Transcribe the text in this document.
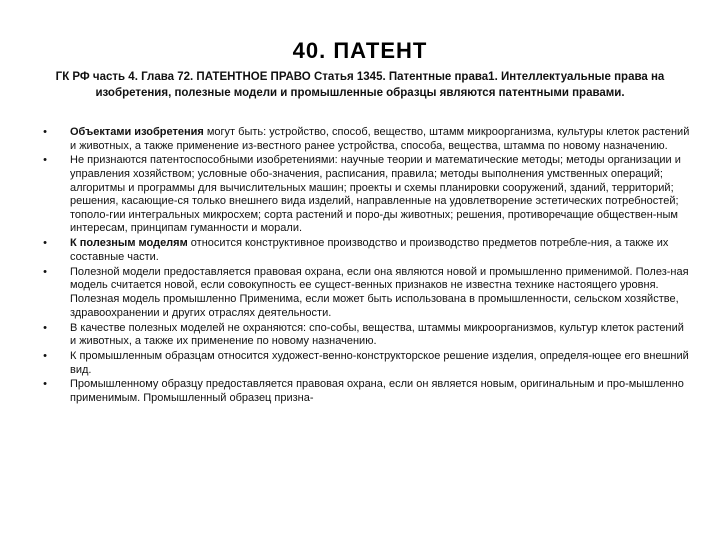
40. ПАТЕНТ
ГК РФ часть 4. Глава 72. ПАТЕНТНОЕ ПРАВО Статья 1345. Патентные права1. Интеллектуальные права на изобретения, полезные модели и промышленные образцы являются патентными правами.
• Объектами изобретения могут быть: устройство, способ, вещество, штамм микроорганизма, культуры клеток растений и животных, а также применение из-вестного ранее устройства, способа, вещества, штамма по новому назначению.
• Не признаются патентоспособными изобретениями: научные теории и математические методы; методы организации и управления хозяйством; условные обо-значения, расписания, правила; методы выполнения умственных операций; алгоритмы и программы для вычислительных машин; проекты и схемы планировки сооружений, зданий, территорий; решения, касающие-ся только внешнего вида изделий, направленные на удовлетворение эстетических потребностей; тополо-гии интегральных микросхем; сорта растений и поро-ды животных; решения, противоречащие обществен-ным интересам, принципам гуманности и морали.
• К полезным моделям относится конструктивное производство и производство предметов потребле-ния, а также их составные части.
• Полезной модели предоставляется правовая охрана, если она являются новой и промышленно применимой. Полез-ная модель считается новой, если совокупность ее сущест-венных признаков не известна технике настоящего уровня. Полезная модель промышленно Применима, если может быть использована в промышленности, сельском хозяйстве, здравоохранении и других отраслях деятельности.
• В качестве полезных моделей не охраняются: спо-собы, вещества, штаммы микроорганизмов, культур клеток растений и животных, а также их применение по новому назначению.
• К промышленным образцам относится художест-венно-конструкторское решение изделия, определя-ющее его внешний вид.
• Промышленному образцу предоставляется правовая охрана, если он является новым, оригинальным и про-мышленно применимым. Промышленный образец призна-
